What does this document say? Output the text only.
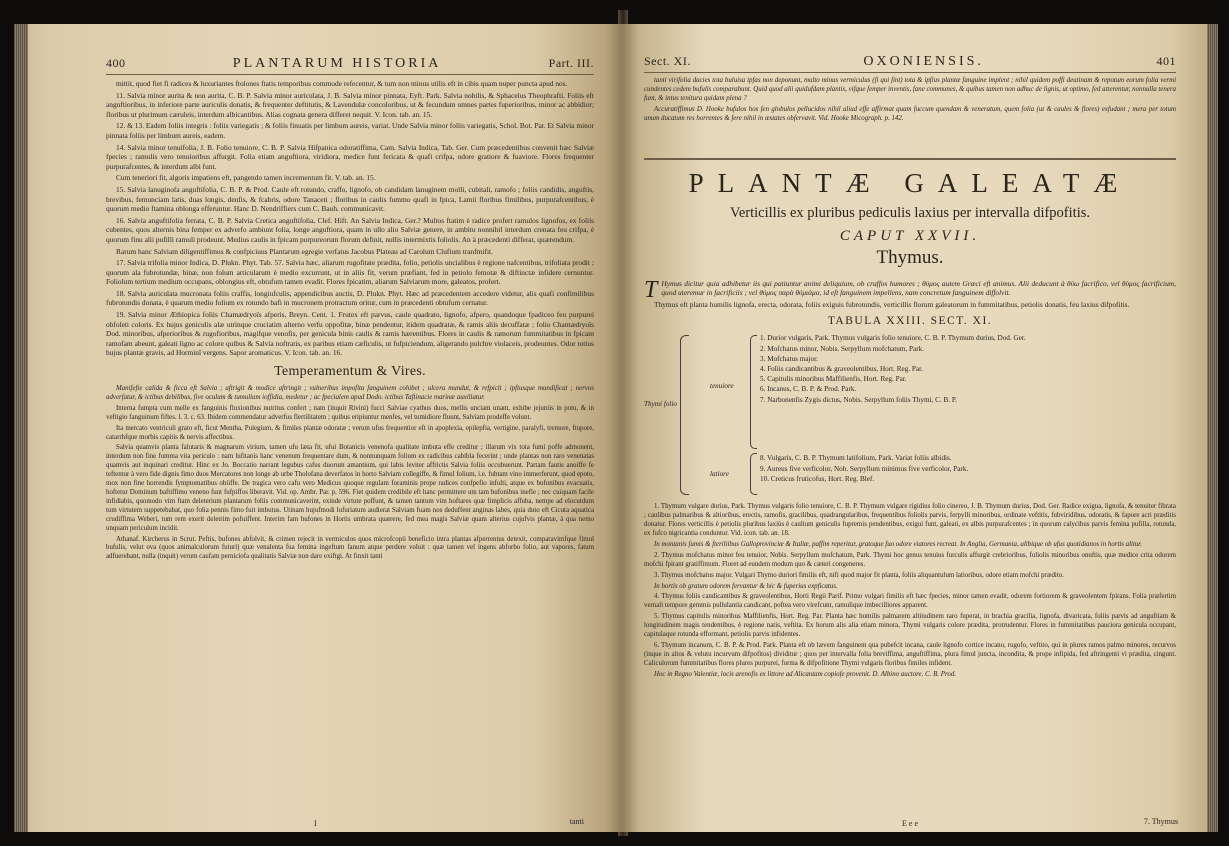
400	PLANTARUM HISTORIA	Part. III.

mittit, quod fiet fi radices & luxuriantes ftolones ftatis temporibus commode refecentur, & tum non minus utilis eft in cibis quam nuper puncta apud nos.

11. Salvia minor aurita & non aurita, C. B. P. Salvia minor auriculata, J. B. Salvia minor pinnata, Eyft. Park. Salvia nobilis, & Sphacelus Theophrafti. Foliis eft anguftioribus, in inferiore parte auriculis donatis, & frequenter deftitutis, & Lavendulæ concoloribus, ut & fecundum omnes partes fuperioribus, minor ac abbidior; floribus ut plurimum cæruleis, interdum albicantibus. Alias cognata genera differet nequit. V. Icon. tab. an. 15.

12. & 13. Eadem foliis integris : foliis variegatis ; & foliis finuatis per limbum aureis, variat. Unde Salvia minor foliis variegatis, Schol. Bot. Par. Et Salvia minor pinnata foliis per limbum aureis, eadem.

14. Salvia minor tenuifolia, J. B. Folio tenuiore, C. B. P. Salvia Hifpanica odoratiffima, Cam. Salvia Indica, Tab. Ger. Cum præcedentibus convenit hæc Salviæ fpecies ; ramulis vero tenuioribus affurgit. Folia etiam anguftiora, viridiora, medice funt fericata & quafi crifpa, odore gratiore & fuaviore. Flores frequenter purpurafcentes, & interdum albi funt.

Cum teneriori fit, algoris impatiens eft, pangendo tamen incrementum fit. V. tab. an. 15.

15. Salvia lanuginofa anguftifolia, C. B. P. & Prod. Caule eft rotundo, craffo, lignofo, ob candidam lanuginem molli, cubitali, ramofo ; foliis candidis, anguftis, brevibus, femunciam latis, duas longis, denfis, & fcabris, odore Tanaceti ; floribus in caulis fummo quafi in fpica, Lamii floribus fimilibus, purpurafcentibus, è quorum medio ftamina oblonga efferuntur. Hanc D. Nendriffiers cum C. Bauh. communicavit.

16. Salvia anguftifolia ferrata, C. B. P. Salvia Cretica anguftifolia, Clef. Hift. An Salvia Indica, Ger.? Multos ftatim è radice profert ramulos lignofos, ex foliis cubentes, quos alternis bina femper ex adverfo ambiunt folia, longe anguftiora, quam in ullo alio Salviæ genere, in ambitu nonnihil interdum crenata feu crifpa, è quorum finu alii pufilli ramuli prodeunt. Medius caulis in fpicam purpureorum florum definit, nullis intermixtis foliolis. An à præcedenti differat, quærendum.

Rarum hanc Salviam diligentiffimus & confpiciuus Plantarum egregie verfatus Jacobus Plateau ad Carolum Clufium tranfmifit.

17. Salvia trifolia minor Indica, D. Plukn. Phyt. Tab. 57. Salvia hæc, aliarum rugofitate prædita, folio, petiolis uncialibus è regione nafcentibus, trifoliata prodit ; quorum ala fubrotundæ, binæ, non folum articularum è medio excurrunt, ut in aliis fit, verum præfiant, fed in petiolo femotæ & diftinctæ infidere cernuntur. Foliolum tertium medium occupans, oblongius eft, obtufum tamen evadit. Flores fpicatim, aliarum Salviarum more, galeatos, profert.

18. Salvia auriculata mucronata foliis craffis, longiufculis, appendicibus auctis, D. Plukn. Phyt. Hæc ad præcedentem accedere videtur, alis quafi confimilibus fubrotundis donata, è quarum medio folium ex rotundo bafi in mucronem protractum oritur, cum in præcedenti obtufum cernatur.

19. Salvia minor Æthiopica foliis Chamædryoïs afperis, Breyn. Cent. 1. Frutex eft parvus, caule quadrato, lignofo, afpero, quandoque fpadiceo feu purpurei obfoleti coloris. Ex hujus geniculis alæ utrinque cruciatim alterno verfu oppofitæ, binæ pendentur, itidem quadratæ, & ramis aliis decuffatæ ; folio Chamædryoïs Dod. minoribus, afperioribus & rugofioribus, magifque venofis, per genicula binis caulis & ramis hærentibus. Flores in caulis & ramorum fummitatibus in fpicam ramofam abeunt, galeati ligno ac colore quibus & Salvia noftratis, ex paribus etiam cæficulis, ut fufpiciendum, aligerando pulchre violaceis, prodeuntes. Odor totius hujus plantæ gravis, ad Horminī vergens. Sapor aromaticus. V. Icon. tab. an. 16.

Temperamentum & Vires.

Manifefte calida & ficca eft Salvia ; aftrigit & modice aftringit ; vulneribus impofita fanguinem cohibet ; ulcera mundat, & refpicit ; ipfiusque mundificat ; nervos adverfatur, & ictibus debilibus, five oculum & tumulium ioffidia, medetur ; ac fpecialem apud Dodo. ictibus Taftinacie marinæ auxiliatur.

Interna fumpta cum melle ex fanguinis fluxionibus nutritus confert ; nam (inquit Rivini) fucci Salviae cyathus duos, mellis unciam unam, exhibe jejuniis in potu, & in veftigio fanguinum fiftes. l. 3. c. 63. Ibidem commendatur adverfus flertilitatem ; quibus eripiuntur menfes, vel tumidiore fluunt, Salviam prodeffe volunt.

Ita mercato ventriculi grato eft, ficut Mentha, Pulegium, & fimiles plantæ odoratæ ; verum ufus frequentior eft in apoplexia, epilepfia, vertigine, paralyfi, tremore, ftupore, catarrhfque morbis capitis & nervis affectibus.

Salvia quamvis planta falutaris & magnarum virium, tamen ufu læta fit, ufui Botanicis venenofa qualitate imbuta effe creditur ; illarum vix tota fumi poffe admonent, interdum non fine fumma vita periculo : nam lufitanis hanc venenum frequentare dum, & nonnunquam folium ex radicibus cabibla fecerint ; unde plantas non raro venenatas quamvis aut inquinari creditur. Hinc ex Jo. Boccatio narrant legubus cafus duorum amantium, qui labis leviter affrictis Salvia foliis occubuerunt. Partam fautis anoiffe fe teftentur à vero fide dignis fimo duos Mercatores non longe ab urbe Tholofana deverfatos in horto Salviam collegiffe, & fimul folium, i.e. fubtam vino immerferunt, quod epoto, mox non fine horrendis fymptomatibus obiiffe. De tragica vero cafu vero Medicus quoque regulam foraminis prope radices confpefio infulti, atque ex bufonibus evacuatis, hoftetur Dominum baftiffimo veneno funt fufpiffos liberavit. Vid. op. Ambr. Par. p. 596. Fiet quidem credibile eft hanc permittere um tam bufonibus inefle ; nec cuiquam facile infidiabis, quomodo vim ftam deleterium plantarum foliis communicaverint, exinde virtute poffunt, & tamen tantum vim hoftares quæ fimplicis affuba, nempe ad elocutdum tum virtutem suppetebabat, quo folia pennis fimo fuit imbutus. Utinam hujufmodi lufuriatum audierat Salviam fuam nos deduffent anginas labes, quia duto eft Cicuta aquatica crudiffima Weberi, tum rem exerit deletrim pofuiffent. Interim fam bufones in Hortis umbrata quærere, fed mea magis Salviæ quam alterius cujufvis plantæ, à qua nemo unquam periculum incidit.

Athanaf. Kircherus in Scrut. Peftis, bufones abfolvit, & crimen rejecit in vermiculos quos microfcopii beneficio intra plantas afperrentus detexit, comparavimfque fimul bufulis, velut ova (quos animalculorum futuri) quæ venalenta fua femina ingeftum fanum atque perdere voluit : quæ tamen vel ingens abforbo folio, aut vapores, fatum adfuerebant, nulla (inquit) verum caufam perniciofa qualitatis Salviæ non dare exiftgi. At finxit tanti

I	tanti
Sect. XI.	OXONIENSIS.	401

tanti virifolia dacies tota buluisa ipfas non deponunt, multo minus vermiculus (fi qui fint) tota & ipfius plantæ fanguine implent ; nihil quidem poffi deutinam & repotum eorum folia vermi cundentes cedem bufulis comparabunt. Quid quod alii quidufdam plantis, vifque femper inventis, fane communes, & quibus tamen non adhuc de lignis, ut optimo, fed atterentur, nonnulla tenera funt, & intus tenitura quidam plena ?

Accuratiffimus D. Hooke bufulos hos fen globulos pellucidos nihil aliud effe affirmat quam fuccum quendam & veneratum, quem folia (ut & caules & flores) exfudant ; mera per totum unum ducatum res horrentes & fere nihil in æstates obfervavit. Vid. Hooke Micograph. p. 142.

PLANTÆ GALEATÆ
Verticillis ex pluribus pediculis laxius per intervalla difpofitis.
CAPUT XXVII.
Thymus.

T Hymus dicitur quia adhibetur iis qui patiuntur animi deliquium, ob craffos humores ; θύμος autem Græci eft animus. Alii deducunt à θύω facrifico, vel θύμος facrificium, quod uteremur in facrificiis ; vel θύμος παρὰ θύμιάμα, id eft fanguinem impellens, nam concretum fanguinem diffolvit.

Thymus eft planta humilis lignofa, erecta, odorata, foliis exiguis fubrotundis, verticillis florum galeatorum in fummitatibus, petiolis donatis, feu laxius difpofitis.

TABULA XXIII. SECT. XI.
Thymi folio
tenuiore
latiore
1. Durior vulgaris, Park. Thymus vulgaris folio tenuiore, C. B. P. Thymum durius, Dod. Ger.
2. Mofchatus minor, Nobis. Serpyllum mofchatum, Park.
3. Mofchatus major.
4. Foliis candicantibus & graveolentibus, Hort. Reg. Par.
5. Capitulis minoribus Maffilienfis, Hort. Reg. Par.
6. Incanus, C. B. P. & Prod. Park.
7. Narbonenfis Zygis dictus, Nobis. Serpyllum foliis Thymi, C. B. P.
8. Vulgaris, C. B. P. Thymum latifolium, Park. Variat foliis albidis.
9. Aureus five verficolor, Nob. Serpyllum minimus five verficolor, Park.
10. Creticus fruticofus, Hort. Reg. Blef.

1. Thymum vulgare durius, Park. Thymus vulgaris folio tenuiore, C. B. P. Thymum vulgare rigidius folio cinereo, J. B. Thymum durius, Dod. Ger. Radice exigua, lignofa, & tenuiter fibrata ; caulibus palmaribus & altioribus, erectis, ramofis, gracilibus, quadrangularibus, frequentibus foliolis parvis, ferpylli minoribus, ordinate veftitis, fubviridibus, odoratis, & fapore acri præditis donatur. Flores verticillis è petiolis pluribus laxiùs è caulium geniculis fupremis pendentibus, exigui funt, galeati, ex albis purpurafcentes ; in quorum calycibus parvis femina pufilla, rotunda, ex fufco nigricantia conduntur. Vid. icon. tab. an. 18.

In montanis fumis & fteriliibus Galloprovinciæ & Italiæ, paffim reperitur, gratoque fuo odore viatores recreat. In Anglia, Germania, alibique ob ufus quotidianos in hortis alitur.

2. Thymus mofchatus minor feu tenuior, Nobis. Serpyllum mofchatum, Park. Thymi hoc genus tenuius furculis affurgit crebrioribus, foliolis minoribus onuftis, quæ medice crita odorem mofchi fpirant gratiffimum. Floret ad eundem modum quo & cæteri congeneres.

3. Thymus mofchatus major. Vulgari Thymo duriori fimilis eft, nifi quod major fit planta, foliis aliquantulum latioribus, odore etiam mofchi prædito.

In hortis ob gratum odorem fervantur & hic & fuperius expficatus.

4. Thymus foliis candicantibus & graveolentibus, Horti Regii Parif. Primo vulgari fimilis eft hæc fpecies, minor tamen evadit, odorem fortiorem & graveolentem fpirans. Folia præfertim vernali tempore gemmis pullulantia candicant, poftea vero virefcunt, ramulique imbecilliores apparent.

5. Thymus capitulis minoribus Maffilienfis, Hort. Reg. Par. Planta hæc humilis palmarem altitudinem raro fuperat, in brachia gracilia, lignofa, divaricata, foliis parvis ad anguftiam & longitudinem magis tendentibus, è regione natis, veftita. Ex horum alis alia etiam minora, Thymi vulgaris colore prædita, protrudentur. Flores in fummitatibus pauciora genicula occupant, capitulaque rotunda efformant, petiolis parvis infidentes.

6. Thymum incanum, C. B. P. & Prod. Park. Planta eft ob lævem fanguinem qua pubefcit incana, caule lignofo cortice incano, rugofo, veftito, qui in plures ramos palmo minores, recurvos (inque in altos & velutu incurvum difpofitos) dividitur ; quos per intervalla folia breviffima, anguftiffima, plura fimul juncta, incondita, & prope infipida, fed aftringenti vi prædita, cingunt. Caliculorum fummitatibus flores plures purpurei, forma & difpofitione Thymi vulgaris floribus fimiles infident.

Hoc in Regno Valentiæ, locis arenofis ex littore ad Alicantam copiofe provenit. D. Albino auctore. C. B. Prod.

E e e	7. Thymus
